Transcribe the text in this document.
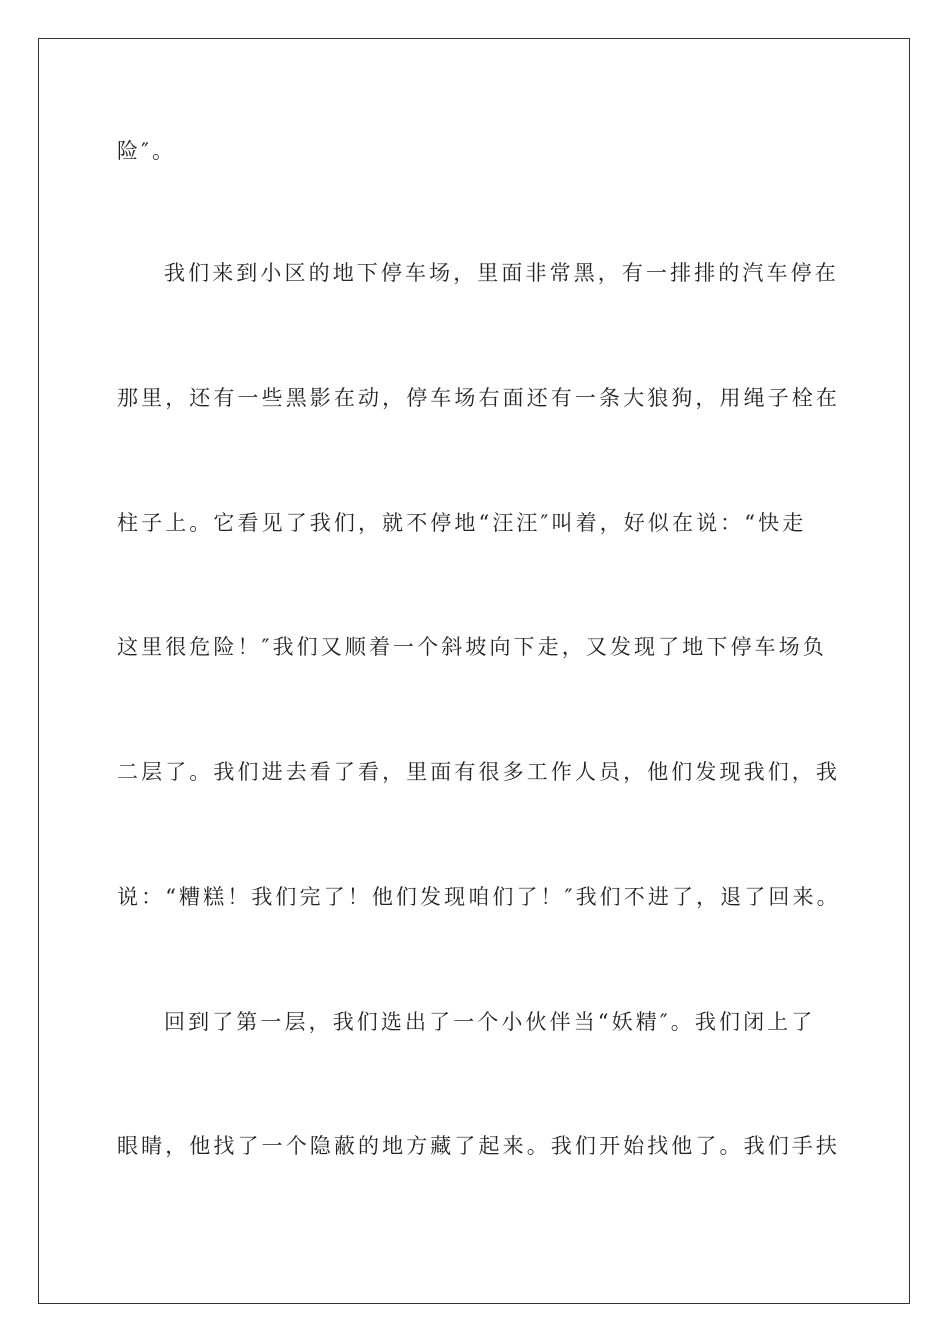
险″。

我们来到小区的地下停车场，里面非常黑，有一排排的汽车停在

那里，还有一些黑影在动，停车场右面还有一条大狼狗，用绳子栓在

柱子上。它看见了我们，就不停地“汪汪″叫着，好似在说：“快走

这里很危险！″我们又顺着一个斜坡向下走，又发现了地下停车场负

二层了。我们进去看了看，里面有很多工作人员，他们发现我们，我

说：“糟糕！我们完了！他们发现咱们了！″我们不进了，退了回来。

回到了第一层，我们选出了一个小伙伴当“妖精″。我们闭上了

眼睛，他找了一个隐蔽的地方藏了起来。我们开始找他了。我们手扶
